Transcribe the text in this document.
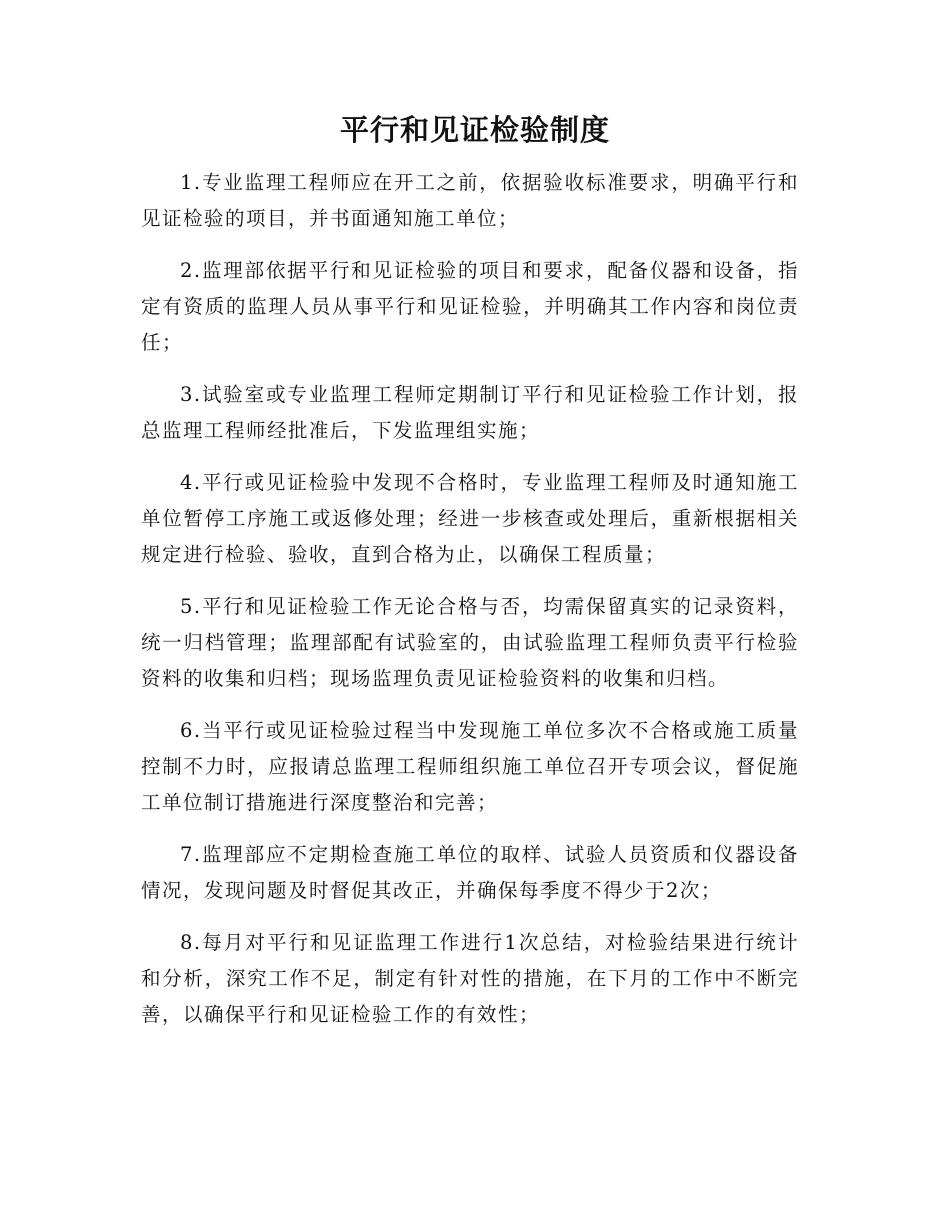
平行和见证检验制度

1.专业监理工程师应在开工之前，依据验收标准要求，明确平行和见证检验的项目，并书面通知施工单位；

2.监理部依据平行和见证检验的项目和要求，配备仪器和设备，指定有资质的监理人员从事平行和见证检验，并明确其工作内容和岗位责任；

3.试验室或专业监理工程师定期制订平行和见证检验工作计划，报总监理工程师经批准后，下发监理组实施；

4.平行或见证检验中发现不合格时，专业监理工程师及时通知施工单位暂停工序施工或返修处理；经进一步核查或处理后，重新根据相关规定进行检验、验收，直到合格为止，以确保工程质量；

5.平行和见证检验工作无论合格与否，均需保留真实的记录资料，统一归档管理；监理部配有试验室的，由试验监理工程师负责平行检验资料的收集和归档；现场监理负责见证检验资料的收集和归档。

6.当平行或见证检验过程当中发现施工单位多次不合格或施工质量控制不力时，应报请总监理工程师组织施工单位召开专项会议，督促施工单位制订措施进行深度整治和完善；

7.监理部应不定期检查施工单位的取样、试验人员资质和仪器设备情况，发现问题及时督促其改正，并确保每季度不得少于2次；

8.每月对平行和见证监理工作进行1次总结，对检验结果进行统计和分析，深究工作不足，制定有针对性的措施，在下月的工作中不断完善，以确保平行和见证检验工作的有效性；
